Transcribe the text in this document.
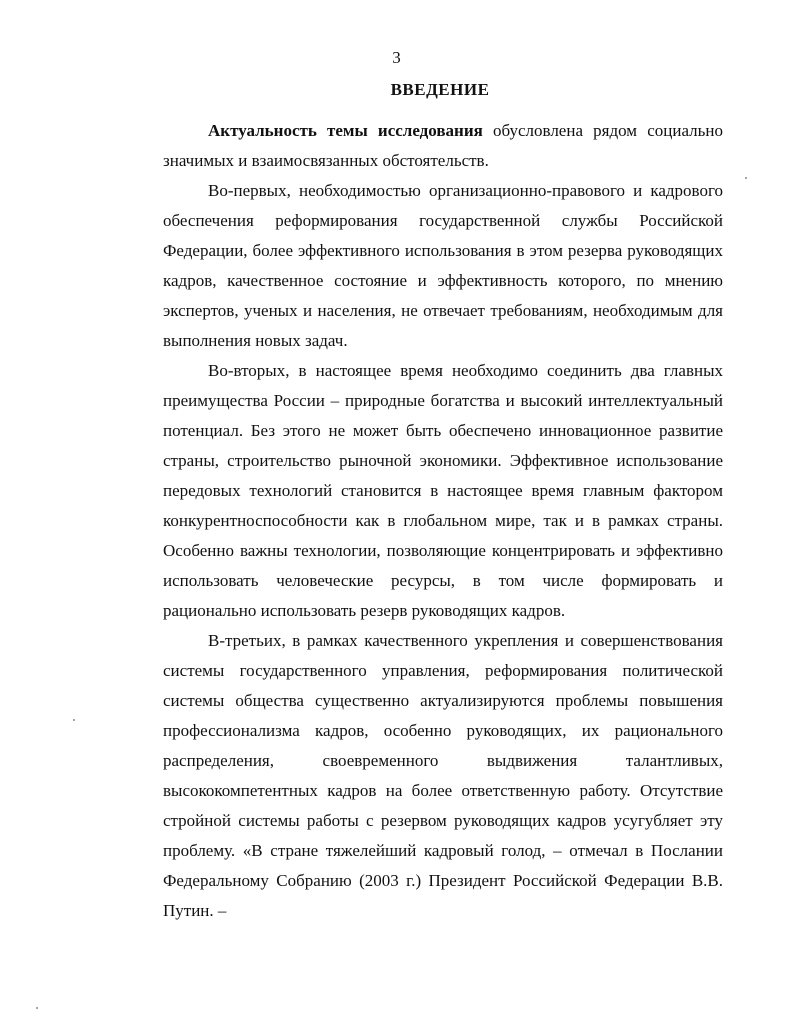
3
ВВЕДЕНИЕ

Актуальность темы исследования обусловлена рядом социально значимых и взаимосвязанных обстоятельств.

Во-первых, необходимостью организационно-правового и кадрового обеспечения реформирования государственной службы Российской Федерации, более эффективного использования в этом резерва руководящих кадров, качественное состояние и эффективность которого, по мнению экспертов, ученых и населения, не отвечает требованиям, необходимым для выполнения новых задач.

Во-вторых, в настоящее время необходимо соединить два главных преимущества России – природные богатства и высокий интеллектуальный потенциал. Без этого не может быть обеспечено инновационное развитие страны, строительство рыночной экономики. Эффективное использование передовых технологий становится в настоящее время главным фактором конкурентноспособности как в глобальном мире, так и в рамках страны. Особенно важны технологии, позволяющие концентрировать и эффективно использовать человеческие ресурсы, в том числе формировать и рационально использовать резерв руководящих кадров.

В-третьих, в рамках качественного укрепления и совершенствования системы государственного управления, реформирования политической системы общества существенно актуализируются проблемы повышения профессионализма кадров, особенно руководящих, их рационального распределения, своевременного выдвижения талантливых, высококомпетентных кадров на более ответственную работу. Отсутствие стройной системы работы с резервом руководящих кадров усугубляет эту проблему. «В стране тяжелейший кадровый голод, – отмечал в Послании Федеральному Собранию (2003 г.) Президент Российской Федерации В.В. Путин. –
